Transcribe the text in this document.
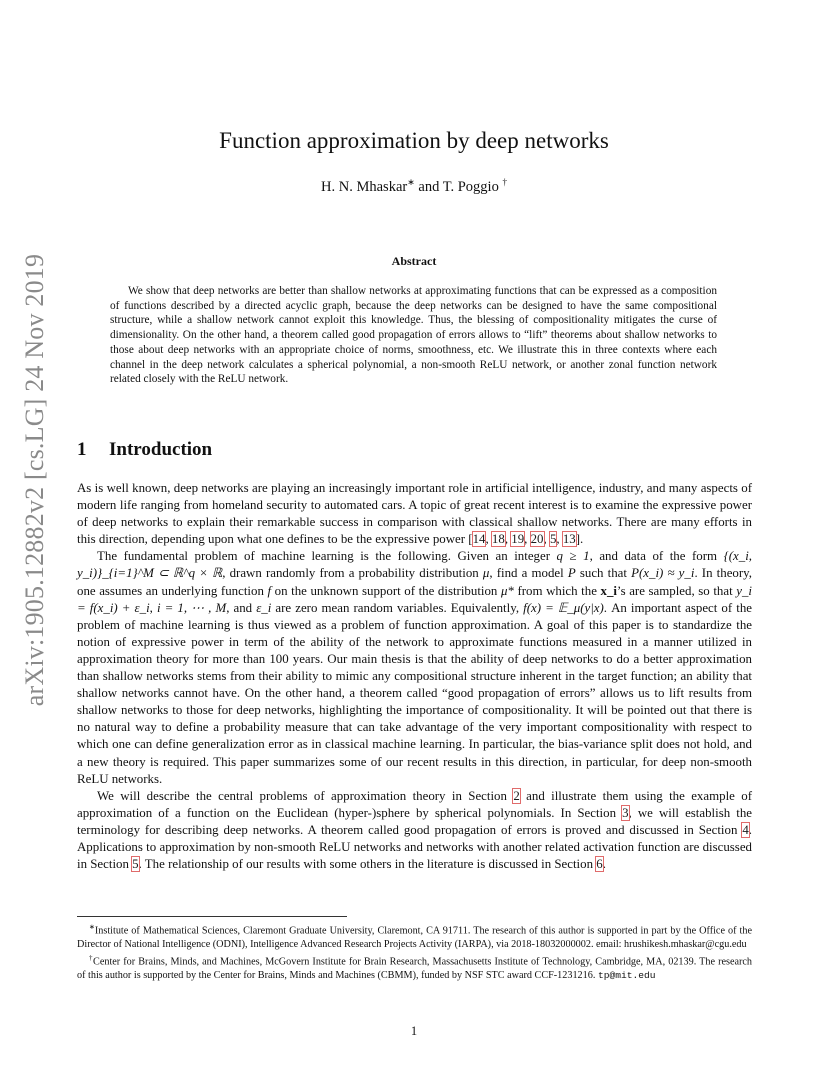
arXiv:1905.12882v2 [cs.LG] 24 Nov 2019
Function approximation by deep networks
H. N. Mhaskar∗ and T. Poggio †
Abstract

We show that deep networks are better than shallow networks at approximating functions that can be expressed as a composition of functions described by a directed acyclic graph, because the deep networks can be designed to have the same compositional structure, while a shallow network cannot exploit this knowledge. Thus, the blessing of compositionality mitigates the curse of dimensionality. On the other hand, a theorem called good propagation of errors allows to “lift” theorems about shallow networks to those about deep networks with an appropriate choice of norms, smoothness, etc. We illustrate this in three contexts where each channel in the deep network calculates a spherical polynomial, a non-smooth ReLU network, or another zonal function network related closely with the ReLU network.

1 Introduction

As is well known, deep networks are playing an increasingly important role in artificial intelligence, industry, and many aspects of modern life ranging from homeland security to automated cars. A topic of great recent interest is to examine the expressive power of deep networks to explain their remarkable success in comparison with classical shallow networks. There are many efforts in this direction, depending upon what one defines to be the expressive power [14, 18, 19, 20, 5, 13].

The fundamental problem of machine learning is the following. Given an integer q ≥ 1, and data of the form {(x_i, y_i)}_{i=1}^M ⊂ ℝ^q × ℝ, drawn randomly from a probability distribution μ, find a model P such that P(x_i) ≈ y_i. In theory, one assumes an underlying function f on the unknown support of the distribution μ* from which the x_i’s are sampled, so that y_i = f(x_i) + ε_i, i = 1, ⋯ , M, and ε_i are zero mean random variables. Equivalently, f(x) = 𝔼_μ(y|x). An important aspect of the problem of machine learning is thus viewed as a problem of function approximation. A goal of this paper is to standardize the notion of expressive power in term of the ability of the network to approximate functions measured in a manner utilized in approximation theory for more than 100 years. Our main thesis is that the ability of deep networks to do a better approximation than shallow networks stems from their ability to mimic any compositional structure inherent in the target function; an ability that shallow networks cannot have. On the other hand, a theorem called “good propagation of errors” allows us to lift results from shallow networks to those for deep networks, highlighting the importance of compositionality. It will be pointed out that there is no natural way to define a probability measure that can take advantage of the very important compositionality with respect to which one can define generalization error as in classical machine learning. In particular, the bias-variance split does not hold, and a new theory is required. This paper summarizes some of our recent results in this direction, in particular, for deep non-smooth ReLU networks.

We will describe the central problems of approximation theory in Section 2 and illustrate them using the example of approximation of a function on the Euclidean (hyper-)sphere by spherical polynomials. In Section 3, we will establish the terminology for describing deep networks. A theorem called good propagation of errors is proved and discussed in Section 4. Applications to approximation by non-smooth ReLU networks and networks with another related activation function are discussed in Section 5. The relationship of our results with some others in the literature is discussed in Section 6.

∗Institute of Mathematical Sciences, Claremont Graduate University, Claremont, CA 91711. The research of this author is supported in part by the Office of the Director of National Intelligence (ODNI), Intelligence Advanced Research Projects Activity (IARPA), via 2018-18032000002. email: hrushikesh.mhaskar@cgu.edu

†Center for Brains, Minds, and Machines, McGovern Institute for Brain Research, Massachusetts Institute of Technology, Cambridge, MA, 02139. The research of this author is supported by the Center for Brains, Minds and Machines (CBMM), funded by NSF STC award CCF-1231216. tp@mit.edu

1
